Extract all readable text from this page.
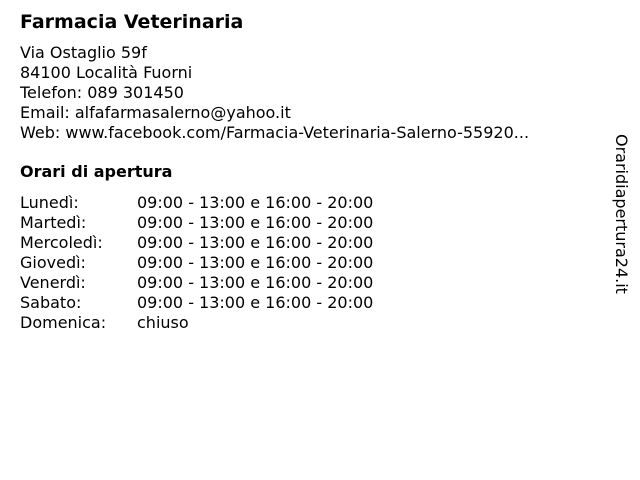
Farmacia Veterinaria
Via Ostaglio 59f
84100 Località Fuorni
Telefon: 089 301450
Email: alfafarmasalerno@yahoo.it
Web: www.facebook.com/Farmacia-Veterinaria-Salerno-55920...
Orari di apertura
Lunedì:	09:00 - 13:00 e 16:00 - 20:00
Martedì:	09:00 - 13:00 e 16:00 - 20:00
Mercoledì: 09:00 - 13:00 e 16:00 - 20:00
Giovedì:	09:00 - 13:00 e 16:00 - 20:00
Venerdì:	09:00 - 13:00 e 16:00 - 20:00
Sabato:	09:00 - 13:00 e 16:00 - 20:00
Domenica: chiuso
Oraridiapertura24.it
